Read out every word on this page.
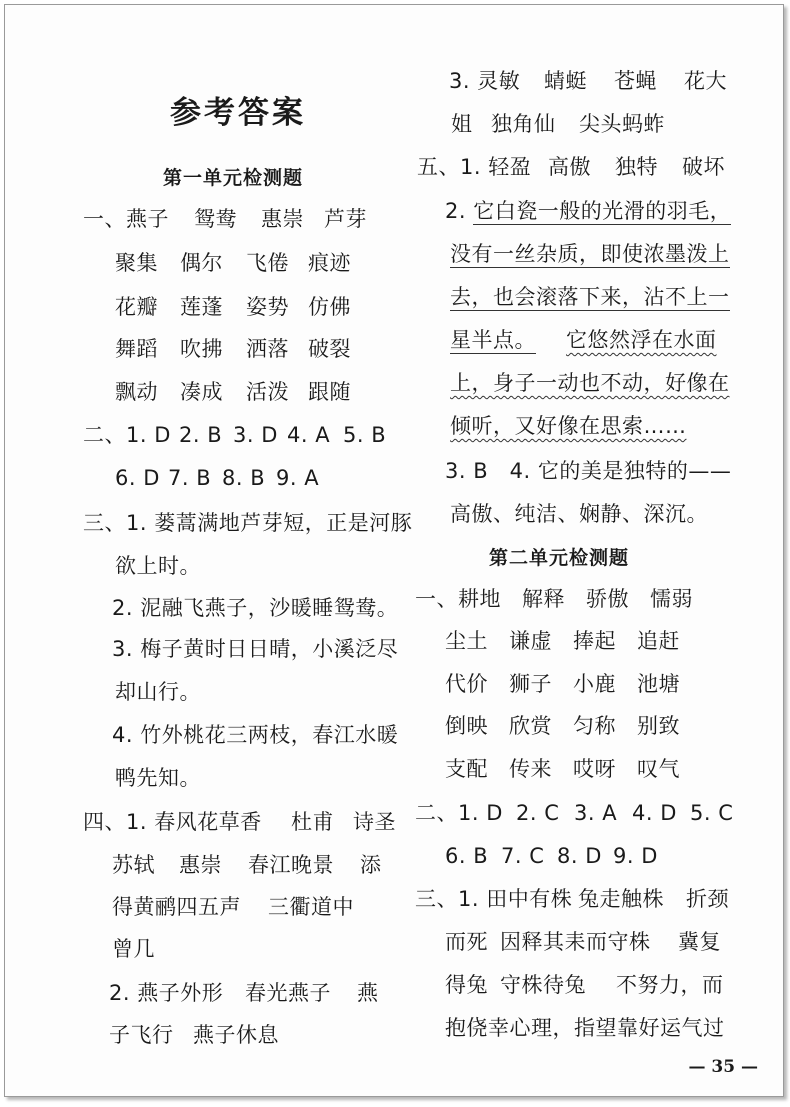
参考答案
第一单元检测题
一、燕子 鸳鸯 惠崇 芦芽
聚集 偶尔 飞倦 痕迹
花瓣 莲蓬 姿势 仿佛
舞蹈 吹拂 洒落 破裂
飘动 凑成 活泼 跟随
二、1. D 2. B 3. D 4. A 5. B
6. D 7. B 8. B 9. A
三、1. 蒌蒿满地芦芽短，正是河豚
欲上时。
2. 泥融飞燕子，沙暖睡鸳鸯。
3. 梅子黄时日日晴，小溪泛尽
却山行。
4. 竹外桃花三两枝，春江水暖
鸭先知。
四、1. 春风花草香 杜甫 诗圣
苏轼 惠崇 春江晚景 添
得黄鹂四五声 三衢道中
曾几
2. 燕子外形 春光燕子 燕
子飞行 燕子休息
3. 灵敏 蜻蜓 苍蝇 花大
姐 独角仙 尖头蚂蚱
五、1. 轻盈 高傲 独特 破坏
2. 它白瓷一般的光滑的羽毛，
没有一丝杂质，即使浓墨泼上
去，也会滚落下来，沾不上一
星半点。 它悠然浮在水面
上，身子一动也不动，好像在
倾听，又好像在思索……
3. B　4. 它的美是独特的——
高傲、纯洁、娴静、深沉。
第二单元检测题
一、耕地 解释 骄傲 懦弱
尘土 谦虚 捧起 追赶
代价 狮子 小鹿 池塘
倒映 欣赏 匀称 别致
支配 传来 哎呀 叹气
二、1. D 2. C 3. A 4. D 5. C
6. B 7. C 8. D 9. D
三、1. 田中有株 兔走触株 折颈
而死 因释其耒而守株 冀复
得兔 守株待兔 不努力，而
抱侥幸心理，指望靠好运气过
— 35 —
